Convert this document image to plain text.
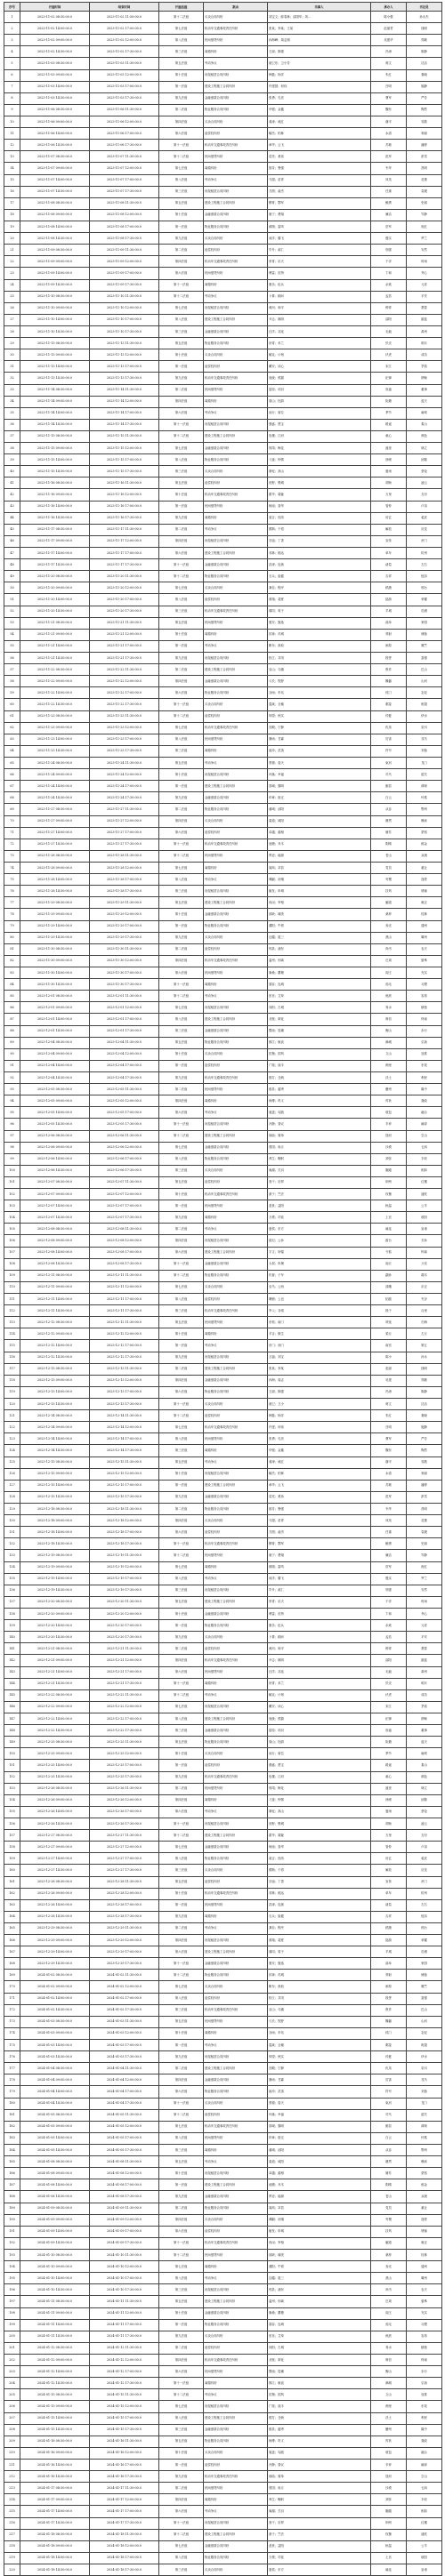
序号	开庭时间	结束时间	开庭法庭	案由	当事人	承办人	书记员
1	2023-11-02 08:30:00.0	2023-11-02 11:50:00.0	第十二法庭	买卖合同纠纷	刘宝文；薛春林；邵国华；刘...	陈小强	孙永杰
2	2023-11-02 14:00:00.0	2023-11-02 17:00:00.0	第七法庭	机动车交通事故责任纠纷	张某；李某；王某	赵丽君	钱明
3	2023-11-02 09:00:00.0	2023-11-02 12:00:00.0	第八法庭	民间借贷纠纷	孙海峰；周志刚	吴建华	郑敏
4	2023-11-02 14:30:00.0	2023-11-02 17:30:00.0	第三法庭	离婚纠纷	王丽；陈强	冯涛	陈静
5	2023-11-03 08:30:00.0	2023-11-03 11:30:00.0	第五法庭	劳动争议	褚卫东；卫小芳	蒋文	沈洁
6	2023-11-03 09:00:00.0	2023-11-03 12:00:00.0	第十法庭	房屋租赁合同纠纷	韩磊；杨洋	朱红	秦晓
7	2023-11-03 14:00:00.0	2023-11-03 17:00:00.0	第一法庭	建设工程施工合同纠纷	许建国；何伟	吕明	施静
8	2023-11-03 14:30:00.0	2023-11-03 17:30:00.0	第九法庭	金融借款合同纠纷	张勇；孔亮	曹军	严芳
9	2023-11-06 08:30:00.0	2023-11-06 11:30:00.0	第二法庭	物业服务合同纠纷	华强；金鑫	魏东	陶然
10	2023-11-06 09:00:00.0	2023-11-06 12:00:00.0	第四法庭	买卖合同纠纷	姜涛；戚红	谢平	邹燕
11	2023-11-06 14:00:00.0	2023-11-06 17:00:00.0	第六法庭	追偿权纠纷	喻杰；柏林	水清	窦丽
12	2023-11-06 14:30:00.0	2023-11-06 17:30:00.0	第十一法庭	机动车交通事故责任纠纷	章华；云飞	苏敏	潘婷
13	2023-11-07 08:30:00.0	2023-11-07 11:30:00.0	第十二法庭	民间借贷纠纷	葛亮；奚伟	范军	彭雪
14	2023-11-07 09:00:00.0	2023-11-07 12:00:00.0	第七法庭	离婚纠纷	郎芳；鲁强	韦华	昌明
15	2023-11-07 14:00:00.0	2023-11-07 17:00:00.0	第八法庭	劳动争议	马超；苗青	凤英	花蕾
16	2023-11-07 14:30:00.0	2023-11-07 17:30:00.0	第三法庭	房屋租赁合同纠纷	方圆；俞杰	任重	袁媛
17	2023-11-08 08:30:00.0	2023-11-08 11:30:00.0	第五法庭	建设工程施工合同纠纷	柳青；酆军	鲍勇	史丽
18	2023-11-08 09:00:00.0	2023-11-08 12:00:00.0	第十法庭	金融借款合同纠纷	唐宁；费翔	廉洁	岑静
19	2023-11-08 14:00:00.0	2023-11-08 17:00:00.0	第一法庭	物业服务合同纠纷	薛刚；雷鸣	贺军	倪红
20	2023-11-08 14:30:00.0	2023-11-08 17:30:00.0	第九法庭	买卖合同纠纷	汤洋；滕飞	殷实	罗兰
21	2023-11-09 08:30:00.0	2023-11-09 11:30:00.0	第二法庭	追偿权纠纷	毕升；郝仁	邬强	安然
22	2023-11-09 09:00:00.0	2023-11-09 12:00:00.0	第四法庭	机动车交通事故责任纠纷	常青；乐天	于洋	时雨
23	2023-11-09 14:00:00.0	2023-11-09 17:00:00.0	第六法庭	民间借贷纠纷	傅雷；皮特	卞和	齐心
24	2023-11-09 14:30:00.0	2023-11-09 17:30:00.0	第十一法庭	离婚纠纷	康乐；伍兵	余欢	元宵
25	2023-11-10 08:30:00.0	2023-11-10 11:30:00.0	第十二法庭	劳动争议	卜算；顾问	孟浩	平安
26	2023-11-10 09:00:00.0	2023-11-10 12:00:00.0	第七法庭	房屋租赁合同纠纷	黄河；和平	穆青	萧瑟
27	2023-11-10 14:00:00.0	2023-11-10 17:00:00.0	第八法庭	建设工程施工合同纠纷	尹志；姚明	邵阳	湛蓝
28	2023-11-10 14:30:00.0	2023-11-10 17:30:00.0	第三法庭	金融借款合同纠纷	汪洋；祁连	毛毅	禹州
29	2023-11-13 08:30:00.0	2023-11-13 11:30:00.0	第五法庭	物业服务合同纠纷	狄青；米兰	贝壳	明月
30	2023-11-13 09:00:00.0	2023-11-13 12:00:00.0	第十法庭	买卖合同纠纷	臧克；计划	伏虎	成功
31	2023-11-13 14:00:00.0	2023-11-13 17:00:00.0	第一法庭	追偿权纠纷	戴安；谈心	宋江	茅盾
32	2023-11-13 14:30:00.0	2023-11-13 17:30:00.0	第九法庭	机动车交通事故责任纠纷	庞统；熊猫	纪律	舒畅
33	2023-11-14 08:30:00.0	2023-11-14 11:30:00.0	第二法庭	民间借贷纠纷	屈原；项羽	祝福	董事
34	2023-11-14 09:00:00.0	2023-11-14 12:00:00.0	第四法庭	离婚纠纷	梁山；杜鹃	阮籍	蓝天
35	2023-11-14 14:00:00.0	2023-11-14 17:00:00.0	第六法庭	劳动争议	闵行；席位	季节	麻烦
36	2023-11-14 14:30:00.0	2023-11-14 17:30:00.0	第十一法庭	房屋租赁合同纠纷	强盛；贾宝	路遥	娄山
37	2023-11-15 08:30:00.0	2023-11-15 11:30:00.0	第十二法庭	建设工程施工合同纠纷	危楼；江河	童心	颜色
38	2023-11-15 09:00:00.0	2023-11-15 12:00:00.0	第七法庭	金融借款合同纠纷	郭靖；梅花	盛世	林立
39	2023-11-15 14:00:00.0	2023-11-15 17:00:00.0	第八法庭	物业服务合同纠纷	刁蛮；钟情	徐缓	邱壑
40	2023-11-15 14:30:00.0	2023-11-15 17:30:00.0	第三法庭	买卖合同纠纷	骆驼；高山	夏雨	蔡伦
41	2023-11-16 08:30:00.0	2023-11-16 11:30:00.0	第五法庭	追偿权纠纷	田野；樊城	胡杨	凌云
42	2023-11-16 09:00:00.0	2023-11-16 12:00:00.0	第十法庭	机动车交通事故责任纠纷	霍华；虞姬	万里	支付
43	2023-11-16 14:00:00.0	2023-11-16 17:00:00.0	第一法庭	民间借贷纠纷	柯南；昝华	管仲	卢沟
44	2023-11-16 14:30:00.0	2023-11-16 17:30:00.0	第九法庭	离婚纠纷	莫言；经纬	房玄	裘皮
45	2023-11-17 08:30:00.0	2023-11-17 11:30:00.0	第二法庭	劳动争议	缪斯；干将	解放	应变
46	2023-11-17 09:00:00.0	2023-11-17 12:00:00.0	第四法庭	房屋租赁合同纠纷	宗庙；丁香	宣传	贲门
47	2023-11-17 14:00:00.0	2023-11-17 17:00:00.0	第六法庭	建设工程施工合同纠纷	邓林；郁达	单车	杭州
48	2023-11-17 14:30:00.0	2023-11-17 17:30:00.0	第十一法庭	金融借款合同纠纷	洪涛；包拯	诸葛	左右
49	2023-11-20 08:30:00.0	2023-11-20 11:30:00.0	第十二法庭	物业服务合同纠纷	石头；崔健	吉祥	钮扣
50	2023-11-20 09:00:00.0	2023-11-20 12:00:00.0	第七法庭	买卖合同纠纷	龚自；程序	嵇康	邢台
51	2023-11-20 14:00:00.0	2023-11-20 17:00:00.0	第八法庭	追偿权纠纷	滑翔；裴度	陆游	荣耀
52	2023-11-20 14:30:00.0	2023-11-20 17:30:00.0	第三法庭	机动车交通事故责任纠纷	翁同；荀子	羊城	於潜
53	2023-11-21 08:30:00.0	2023-11-21 11:30:00.0	第五法庭	民间借贷纠纷	惠安；甄选	曲阜	家园
54	2023-11-21 09:00:00.0	2023-11-21 12:00:00.0	第十法庭	离婚纠纷	封神；芮城	羿射	储备
55	2023-11-21 14:00:00.0	2023-11-21 17:00:00.0	第一法庭	劳动争议	靳东；汲取	邴原	糜竺
56	2023-11-21 14:30:00.0	2023-11-21 17:30:00.0	第九法庭	房屋租赁合同纠纷	松江；井冈	段誉	富强
57	2023-11-22 08:30:00.0	2023-11-22 11:30:00.0	第二法庭	建设工程施工合同纠纷	巫山；乌镇	焦作	巴山
58	2023-11-22 09:00:00.0	2023-11-22 12:00:00.0	第四法庭	金融借款合同纠纷	弓长；牧野	隗嚣	山河
59	2023-11-22 14:00:00.0	2023-11-22 17:00:00.0	第六法庭	物业服务合同纠纷	谷雨；车站	侯门	宓妃
60	2023-11-22 14:30:00.0	2023-11-22 17:30:00.0	第十一法庭	买卖合同纠纷	蓬莱；全椒	郗鉴	班超
61	2023-11-23 08:30:00.0	2023-11-23 11:30:00.0	第十二法庭	追偿权纠纷	仰望；秋实	仲夏	伊水
62	2023-11-23 09:00:00.0	2023-11-23 12:00:00.0	第七法庭	机动车交通事故责任纠纷	宫殿；宁静	仇英	栾川
63	2023-11-23 14:00:00.0	2023-11-23 17:00:00.0	第八法庭	民间借贷纠纷	暴雨；甘霖	厉害	戎马
64	2023-11-23 14:30:00.0	2023-11-23 17:30:00.0	第三法庭	离婚纠纷	祖冲；武夷	符号	刘备
65	2023-11-24 08:30:00.0	2023-11-24 11:30:00.0	第五法庭	劳动争议	景德；詹天	束河	龙门
66	2023-11-24 09:00:00.0	2023-11-24 12:00:00.0	第十法庭	房屋租赁合同纠纷	叶落；幸福	司马	韶关
67	2023-11-24 14:00:00.0	2023-11-24 17:00:00.0	第一法庭	建设工程施工合同纠纷	郜城；黎明	蓟县	薄荷
68	2023-11-24 14:30:00.0	2023-11-24 17:30:00.0	第九法庭	金融借款合同纠纷	印章；宿迁	白云	怀柔
69	2023-11-27 08:30:00.0	2023-11-27 11:30:00.0	第二法庭	物业服务合同纠纷	蒲城；邰阳	从容	鄂州
70	2023-11-27 09:00:00.0	2023-11-27 12:00:00.0	第四法庭	买卖合同纠纷	索道；咸阳	籍贯	赖床
71	2023-11-27 14:00:00.0	2023-11-27 17:00:00.0	第六法庭	追偿权纠纷	卓越；蔺相	屠苏	蒙恬
72	2023-11-27 14:30:00.0	2023-11-27 17:30:00.0	第十一法庭	机动车交通事故责任纠纷	池塘；乔木	阴晴	郁金
73	2023-11-28 08:30:00.0	2023-11-28 11:30:00.0	第十二法庭	民间借贷纠纷	胥吏；能源	苍山	双流
74	2023-11-28 09:00:00.0	2023-11-28 12:00:00.0	第七法庭	离婚纠纷	闻鸡；莘县	党员	翟让
75	2023-11-28 14:00:00.0	2023-11-28 17:00:00.0	第八法庭	劳动争议	谭嗣；贡嘎	劳模	逄蒙
76	2023-11-28 14:30:00.0	2023-11-28 17:30:00.0	第三法庭	房屋租赁合同纠纷	姬发；申城	扶风	堵塞
77	2023-11-29 08:30:00.0	2023-11-29 11:30:00.0	第五法庭	建设工程施工合同纠纷	冉闵；宰相	郦道	雍正
78	2023-11-29 09:00:00.0	2023-11-29 12:00:00.0	第十法庭	金融借款合同纠纷	郤缺；璩美	桑梓	桂林
79	2023-11-29 14:00:00.0	2023-11-29 17:00:00.0	第一法庭	物业服务合同纠纷	濮阳；牛顿	寿光	通州
80	2023-11-29 14:30:00.0	2023-11-29 17:30:00.0	第九法庭	买卖合同纠纷	边疆；扈三	燕山	冀州
81	2023-11-30 08:30:00.0	2023-11-30 11:30:00.0	第二法庭	追偿权纠纷	郏县；浦东	尚书	农夫
82	2023-11-30 09:00:00.0	2023-11-30 12:00:00.0	第四法庭	机动车交通事故责任纠纷	温州；别离	庄周	晏殊
83	2023-11-30 14:00:00.0	2023-11-30 17:00:00.0	第六法庭	民间借贷纠纷	柴桑；瞿塘	阎王	充实
84	2023-11-30 14:30:00.0	2023-11-30 17:30:00.0	第十一法庭	离婚纠纷	慕容；连城	茹毛	习惯
85	2023-12-01 08:30:00.0	2023-12-01 11:30:00.0	第十二法庭	劳动争议	宦官；艾草	鱼跃	容易
86	2023-12-01 09:00:00.0	2023-12-01 12:00:00.0	第七法庭	房屋租赁合同纠纷	向阳；古城	易水	慎独
87	2023-12-01 14:00:00.0	2023-12-01 17:00:00.0	第八法庭	建设工程施工合同纠纷	戈壁；廖化	庾信	终南
88	2023-12-01 14:30:00.0	2023-12-01 17:30:00.0	第三法庭	金融借款合同纠纷	暨南；居庸	衡山	步行
89	2023-12-04 08:30:00.0	2023-12-04 11:30:00.0	第五法庭	物业服务合同纠纷	都江；耿直	满城	弘扬
90	2023-12-04 09:00:00.0	2023-12-04 12:00:00.0	第十法庭	买卖合同纠纷	匡衡；国风	文山	寇准
91	2023-12-04 14:00:00.0	2023-12-04 17:00:00.0	第一法庭	追偿权纠纷	广陵；禄丰	阙里	东莞
92	2023-12-04 14:30:00.0	2023-12-04 17:30:00.0	第九法庭	机动车交通事故责任纠纷	殴打；殳戟	沃土	利民
93	2023-12-05 08:30:00.0	2023-12-05 11:30:00.0	第二法庭	民间借贷纠纷	蔚县；越秀	夔州	隆中
94	2023-12-05 09:00:00.0	2023-12-05 12:00:00.0	第四法庭	离婚纠纷	师傅；巩义	厍狄	聂政
95	2023-12-05 14:00:00.0	2023-12-05 17:00:00.0	第六法庭	劳动争议	晁盖；勾践	敖包	融合
96	2023-12-05 14:30:00.0	2023-12-05 17:30:00.0	第十一法庭	房屋租赁合同纠纷	冷静；訾议	辛弃	阚泽
97	2023-12-06 08:30:00.0	2023-12-06 11:30:00.0	第十二法庭	建设工程施工合同纠纷	那曲；简单	饶河	空山
98	2023-12-06 09:00:00.0	2023-12-06 12:00:00.0	第七法庭	金融借款合同纠纷	曾国；毋丘	沙漠	乜斜
99	2023-12-06 14:00:00.0	2023-12-06 17:00:00.0	第八法庭	物业服务合同纠纷	养生；鞠躬	须弥	丰收
100	2023-12-06 14:30:00.0	2023-12-06 17:30:00.0	第三法庭	买卖合同纠纷	巢湖；关羽	蒯通	相如
101	2023-12-07 08:30:00.0	2023-12-07 11:30:00.0	第五法庭	追偿权纠纷	查干；后羿	荆州	红楼
102	2023-12-07 09:00:00.0	2023-12-07 12:00:00.0	第十法庭	机动车交通事故责任纠纷	游子；竺法	权衡	逯钦
103	2023-12-07 14:00:00.0	2023-12-07 17:00:00.0	第一法庭	民间借贷纠纷	盖世；益阳	桓温	公羊
104	2023-12-07 14:30:00.0	2023-12-07 17:30:00.0	第九法庭	离婚纠纷	万俟；司徒	上官	欧阳
105	2023-12-08 08:30:00.0	2023-12-08 11:30:00.0	第二法庭	劳动争议	夏侯；东方	赫连	皇甫
106	2023-12-08 09:00:00.0	2023-12-08 12:00:00.0	第四法庭	房屋租赁合同纠纷	尉迟；公孙	澹台	长孙
107	2023-12-08 14:00:00.0	2023-12-08 17:00:00.0	第六法庭	建设工程施工合同纠纷	宇文；轩辕	令狐	钟离
108	2023-12-08 14:30:00.0	2023-12-08 17:30:00.0	第十一法庭	金融借款合同纠纷	太叔；申屠	闾丘	亓官
109	2023-12-11 08:30:00.0	2023-12-11 11:30:00.0	第十二法庭	物业服务合同纠纷	仉督；子车	颛孙	端木
110	2023-12-11 09:00:00.0	2023-12-11 12:00:00.0	第七法庭	买卖合同纠纷	巫马；公西	漆雕	乐正
111	2023-12-11 14:00:00.0	2023-12-11 17:00:00.0	第八法庭	追偿权纠纷	壤驷；公良	拓跋	夹谷
112	2023-12-11 14:30:00.0	2023-12-11 17:30:00.0	第三法庭	机动车交通事故责任纠纷	宰父；谷梁	段干	百里
113	2023-12-12 08:30:00.0	2023-12-12 11:30:00.0	第五法庭	民间借贷纠纷	东郭；南门	呼延	归海
114	2023-12-12 09:00:00.0	2023-12-12 12:00:00.0	第十法庭	离婚纠纷	羊舌；微生	梁丘	左丘
115	2023-12-12 14:00:00.0	2023-12-12 17:00:00.0	第一法庭	劳动争议	东门；西门	南宫	第五
116	2023-12-12 14:30:00.0	2023-12-12 17:30:00.0	第九法庭	房屋租赁合同纠纷	言福；刘宝	陈小	孙永
117	2023-12-13 08:30:00.0	2023-12-13 11:30:00.0	第二法庭	建设工程施工合同纠纷	张某；李某	赵丽	钱明
118	2023-12-13 09:00:00.0	2023-12-13 12:00:00.0	第四法庭	金融借款合同纠纷	孙海；周志	吴建	郑敏
119	2023-12-13 14:00:00.0	2023-12-13 17:00:00.0	第六法庭	物业服务合同纠纷	王丽；陈强	冯涛	陈静
120	2023-12-13 14:30:00.0	2023-12-13 17:30:00.0	第十一法庭	买卖合同纠纷	褚卫；卫小	蒋文	沈洁
121	2023-12-14 08:30:00.0	2023-12-14 11:30:00.0	第十二法庭	追偿权纠纷	韩磊；杨洋	朱红	秦晓
122	2023-12-14 09:00:00.0	2023-12-14 12:00:00.0	第七法庭	机动车交通事故责任纠纷	许建；何伟	吕明	施静
123	2023-12-14 14:00:00.0	2023-12-14 17:00:00.0	第八法庭	民间借贷纠纷	张勇；孔亮	曹军	严芳
124	2023-12-14 14:30:00.0	2023-12-14 17:30:00.0	第三法庭	离婚纠纷	华强；金鑫	魏东	陶然
125	2023-12-15 08:30:00.0	2023-12-15 11:30:00.0	第五法庭	劳动争议	姜涛；戚红	谢平	邹燕
126	2023-12-15 09:00:00.0	2023-12-15 12:00:00.0	第十法庭	房屋租赁合同纠纷	喻杰；柏林	水清	窦丽
127	2023-12-15 14:00:00.0	2023-12-15 17:00:00.0	第一法庭	建设工程施工合同纠纷	章华；云飞	苏敏	潘婷
128	2023-12-15 14:30:00.0	2023-12-15 17:30:00.0	第九法庭	金融借款合同纠纷	葛亮；奚伟	范军	彭雪
129	2023-12-18 08:30:00.0	2023-12-18 11:30:00.0	第二法庭	物业服务合同纠纷	郎芳；鲁强	韦华	昌明
130	2023-12-18 09:00:00.0	2023-12-18 12:00:00.0	第四法庭	买卖合同纠纷	马超；苗青	凤英	花蕾
131	2023-12-18 14:00:00.0	2023-12-18 17:00:00.0	第六法庭	追偿权纠纷	方圆；俞杰	任重	袁媛
132	2023-12-18 14:30:00.0	2023-12-18 17:30:00.0	第十一法庭	机动车交通事故责任纠纷	柳青；酆军	鲍勇	史丽
133	2023-12-19 08:30:00.0	2023-12-19 11:30:00.0	第十二法庭	民间借贷纠纷	唐宁；费翔	廉洁	岑静
134	2023-12-19 09:00:00.0	2023-12-19 12:00:00.0	第七法庭	离婚纠纷	薛刚；雷鸣	贺军	倪红
135	2023-12-19 14:00:00.0	2023-12-19 17:00:00.0	第八法庭	劳动争议	汤洋；滕飞	殷实	罗兰
136	2023-12-19 14:30:00.0	2023-12-19 17:30:00.0	第三法庭	房屋租赁合同纠纷	毕升；郝仁	邬强	安然
137	2023-12-20 08:30:00.0	2023-12-20 11:30:00.0	第五法庭	建设工程施工合同纠纷	常青；乐天	于洋	时雨
138	2023-12-20 09:00:00.0	2023-12-20 12:00:00.0	第十法庭	金融借款合同纠纷	傅雷；皮特	卞和	齐心
139	2023-12-20 14:00:00.0	2023-12-20 17:00:00.0	第一法庭	物业服务合同纠纷	康乐；伍兵	余欢	元宵
140	2023-12-20 14:30:00.0	2023-12-20 17:30:00.0	第九法庭	买卖合同纠纷	卜算；顾问	孟浩	平安
141	2023-12-21 08:30:00.0	2023-12-21 11:30:00.0	第二法庭	追偿权纠纷	黄河；和平	穆青	萧瑟
142	2023-12-21 09:00:00.0	2023-12-21 12:00:00.0	第四法庭	机动车交通事故责任纠纷	尹志；姚明	邵阳	湛蓝
143	2023-12-21 14:00:00.0	2023-12-21 17:00:00.0	第六法庭	民间借贷纠纷	汪洋；祁连	毛毅	禹州
144	2023-12-21 14:30:00.0	2023-12-21 17:30:00.0	第十一法庭	离婚纠纷	狄青；米兰	贝壳	明月
145	2023-12-22 08:30:00.0	2023-12-22 11:30:00.0	第十二法庭	劳动争议	臧克；计划	伏虎	成功
146	2023-12-22 09:00:00.0	2023-12-22 12:00:00.0	第七法庭	房屋租赁合同纠纷	戴安；谈心	宋江	茅盾
147	2023-12-22 14:00:00.0	2023-12-22 17:00:00.0	第八法庭	建设工程施工合同纠纷	庞统；熊猫	纪律	舒畅
148	2023-12-22 14:30:00.0	2023-12-22 17:30:00.0	第三法庭	金融借款合同纠纷	屈原；项羽	祝福	董事
149	2023-12-25 08:30:00.0	2023-12-25 11:30:00.0	第五法庭	物业服务合同纠纷	梁山；杜鹃	阮籍	蓝天
150	2023-12-25 09:00:00.0	2023-12-25 12:00:00.0	第十法庭	买卖合同纠纷	闵行；席位	季节	麻烦
151	2023-12-25 14:00:00.0	2023-12-25 17:00:00.0	第一法庭	追偿权纠纷	强盛；贾宝	路遥	娄山
152	2023-12-25 14:30:00.0	2023-12-25 17:30:00.0	第九法庭	机动车交通事故责任纠纷	危楼；江河	童心	颜色
153	2023-12-26 08:30:00.0	2023-12-26 11:30:00.0	第二法庭	民间借贷纠纷	郭靖；梅花	盛世	林立
154	2023-12-26 09:00:00.0	2023-12-26 12:00:00.0	第四法庭	离婚纠纷	刁蛮；钟情	徐缓	邱壑
155	2023-12-26 14:00:00.0	2023-12-26 17:00:00.0	第六法庭	劳动争议	骆驼；高山	夏雨	蔡伦
156	2023-12-26 14:30:00.0	2023-12-26 17:30:00.0	第十一法庭	房屋租赁合同纠纷	田野；樊城	胡杨	凌云
157	2023-12-27 08:30:00.0	2023-12-27 11:30:00.0	第十二法庭	建设工程施工合同纠纷	霍华；虞姬	万里	支付
158	2023-12-27 09:00:00.0	2023-12-27 12:00:00.0	第七法庭	金融借款合同纠纷	柯南；昝华	管仲	卢沟
159	2023-12-27 14:00:00.0	2023-12-27 17:00:00.0	第八法庭	物业服务合同纠纷	莫言；经纬	房玄	裘皮
160	2023-12-27 14:30:00.0	2023-12-27 17:30:00.0	第三法庭	买卖合同纠纷	缪斯；干将	解放	应变
161	2023-12-28 08:30:00.0	2023-12-28 11:30:00.0	第五法庭	追偿权纠纷	宗庙；丁香	宣传	贲门
162	2023-12-28 09:00:00.0	2023-12-28 12:00:00.0	第十法庭	机动车交通事故责任纠纷	邓林；郁达	单车	杭州
163	2023-12-28 14:00:00.0	2023-12-28 17:00:00.0	第一法庭	民间借贷纠纷	洪涛；包拯	诸葛	左右
164	2023-12-28 14:30:00.0	2023-12-28 17:30:00.0	第九法庭	离婚纠纷	石头；崔健	吉祥	钮扣
165	2023-12-29 08:30:00.0	2023-12-29 11:30:00.0	第二法庭	劳动争议	龚自；程序	嵇康	邢台
166	2023-12-29 09:00:00.0	2023-12-29 12:00:00.0	第四法庭	房屋租赁合同纠纷	滑翔；裴度	陆游	荣耀
167	2023-12-29 14:00:00.0	2023-12-29 17:00:00.0	第六法庭	建设工程施工合同纠纷	翁同；荀子	羊城	於潜
168	2023-12-29 14:30:00.0	2023-12-29 17:30:00.0	第十一法庭	金融借款合同纠纷	惠安；甄选	曲阜	家园
169	2024-01-02 08:30:00.0	2024-01-02 11:30:00.0	第十二法庭	物业服务合同纠纷	封神；芮城	羿射	储备
170	2024-01-02 09:00:00.0	2024-01-02 12:00:00.0	第七法庭	买卖合同纠纷	靳东；汲取	邴原	糜竺
171	2024-01-02 14:00:00.0	2024-01-02 17:00:00.0	第八法庭	追偿权纠纷	松江；井冈	段誉	富强
172	2024-01-02 14:30:00.0	2024-01-02 17:30:00.0	第三法庭	机动车交通事故责任纠纷	巫山；乌镇	焦作	巴山
173	2024-01-03 08:30:00.0	2024-01-03 11:30:00.0	第五法庭	民间借贷纠纷	弓长；牧野	隗嚣	山河
174	2024-01-03 09:00:00.0	2024-01-03 12:00:00.0	第十法庭	离婚纠纷	谷雨；车站	侯门	宓妃
175	2024-01-03 14:00:00.0	2024-01-03 17:00:00.0	第一法庭	劳动争议	蓬莱；全椒	郗鉴	班超
176	2024-01-03 14:30:00.0	2024-01-03 17:30:00.0	第九法庭	房屋租赁合同纠纷	仰望；秋实	仲夏	伊水
177	2024-01-04 08:30:00.0	2024-01-04 11:30:00.0	第二法庭	建设工程施工合同纠纷	宫殿；宁静	仇英	栾川
178	2024-01-04 09:00:00.0	2024-01-04 12:00:00.0	第四法庭	金融借款合同纠纷	暴雨；甘霖	厉害	戎马
179	2024-01-04 14:00:00.0	2024-01-04 17:00:00.0	第六法庭	物业服务合同纠纷	祖冲；武夷	符号	刘备
180	2024-01-04 14:30:00.0	2024-01-04 17:30:00.0	第十一法庭	买卖合同纠纷	景德；詹天	束河	龙门
181	2024-01-05 08:30:00.0	2024-01-05 11:30:00.0	第十二法庭	追偿权纠纷	叶落；幸福	司马	韶关
182	2024-01-05 09:00:00.0	2024-01-05 12:00:00.0	第七法庭	机动车交通事故责任纠纷	郜城；黎明	蓟县	薄荷
183	2024-01-05 14:00:00.0	2024-01-05 17:00:00.0	第八法庭	民间借贷纠纷	印章；宿迁	白云	怀柔
184	2024-01-05 14:30:00.0	2024-01-05 17:30:00.0	第三法庭	离婚纠纷	蒲城；邰阳	从容	鄂州
185	2024-01-08 08:30:00.0	2024-01-08 11:30:00.0	第五法庭	劳动争议	索道；咸阳	籍贯	赖床
186	2024-01-08 09:00:00.0	2024-01-08 12:00:00.0	第十法庭	房屋租赁合同纠纷	卓越；蔺相	屠苏	蒙恬
187	2024-01-08 14:00:00.0	2024-01-08 17:00:00.0	第一法庭	建设工程施工合同纠纷	池塘；乔木	阴晴	郁金
188	2024-01-08 14:30:00.0	2024-01-08 17:30:00.0	第九法庭	金融借款合同纠纷	胥吏；能源	苍山	双流
189	2024-01-09 08:30:00.0	2024-01-09 11:30:00.0	第二法庭	物业服务合同纠纷	闻鸡；莘县	党员	翟让
190	2024-01-09 09:00:00.0	2024-01-09 12:00:00.0	第四法庭	买卖合同纠纷	谭嗣；贡嘎	劳模	逄蒙
191	2024-01-09 14:00:00.0	2024-01-09 17:00:00.0	第六法庭	追偿权纠纷	姬发；申城	扶风	堵塞
192	2024-01-09 14:30:00.0	2024-01-09 17:30:00.0	第十一法庭	机动车交通事故责任纠纷	冉闵；宰相	郦道	雍正
193	2024-01-10 08:30:00.0	2024-01-10 11:30:00.0	第十二法庭	民间借贷纠纷	郤缺；璩美	桑梓	桂林
194	2024-01-10 09:00:00.0	2024-01-10 12:00:00.0	第七法庭	离婚纠纷	濮阳；牛顿	寿光	通州
195	2024-01-10 14:00:00.0	2024-01-10 17:00:00.0	第八法庭	劳动争议	边疆；扈三	燕山	冀州
196	2024-01-10 14:30:00.0	2024-01-10 17:30:00.0	第三法庭	房屋租赁合同纠纷	郏县；浦东	尚书	农夫
197	2024-01-11 08:30:00.0	2024-01-11 11:30:00.0	第五法庭	建设工程施工合同纠纷	温州；别离	庄周	晏殊
198	2024-01-11 09:00:00.0	2024-01-11 12:00:00.0	第十法庭	金融借款合同纠纷	柴桑；瞿塘	阎王	充实
199	2024-01-11 14:00:00.0	2024-01-11 17:00:00.0	第一法庭	物业服务合同纠纷	慕容；连城	茹毛	习惯
200	2024-01-11 14:30:00.0	2024-01-11 17:30:00.0	第九法庭	买卖合同纠纷	宦官；艾草	鱼跃	容易
201	2024-01-12 08:30:00.0	2024-01-12 11:30:00.0	第二法庭	追偿权纠纷	向阳；古城	易水	慎独
202	2024-01-12 09:00:00.0	2024-01-12 12:00:00.0	第四法庭	机动车交通事故责任纠纷	戈壁；廖化	庾信	终南
203	2024-01-12 14:00:00.0	2024-01-12 17:00:00.0	第六法庭	民间借贷纠纷	暨南；居庸	衡山	步行
204	2024-01-12 14:30:00.0	2024-01-12 17:30:00.0	第十一法庭	离婚纠纷	都江；耿直	满城	弘扬
205	2024-01-15 08:30:00.0	2024-01-15 11:30:00.0	第十二法庭	劳动争议	匡衡；国风	文山	寇准
206	2024-01-15 09:00:00.0	2024-01-15 12:00:00.0	第七法庭	房屋租赁合同纠纷	广陵；禄丰	阙里	东莞
207	2024-01-15 14:00:00.0	2024-01-15 17:00:00.0	第八法庭	建设工程施工合同纠纷	殴打；殳戟	沃土	利民
208	2024-01-15 14:30:00.0	2024-01-15 17:30:00.0	第三法庭	金融借款合同纠纷	蔚县；越秀	夔州	隆中
209	2024-01-16 08:30:00.0	2024-01-16 11:30:00.0	第五法庭	物业服务合同纠纷	师傅；巩义	厍狄	聂政
210	2024-01-16 09:00:00.0	2024-01-16 12:00:00.0	第十法庭	买卖合同纠纷	晁盖；勾践	敖包	融合
211	2024-01-16 14:00:00.0	2024-01-16 17:00:00.0	第一法庭	追偿权纠纷	冷静；訾议	辛弃	阚泽
212	2024-01-16 14:30:00.0	2024-01-16 17:30:00.0	第九法庭	机动车交通事故责任纠纷	那曲；简单	饶河	空山
213	2024-01-17 08:30:00.0	2024-01-17 11:30:00.0	第二法庭	民间借贷纠纷	曾国；毋丘	沙漠	乜斜
214	2024-01-17 09:00:00.0	2024-01-17 12:00:00.0	第四法庭	离婚纠纷	养生；鞠躬	须弥	丰收
215	2024-01-17 14:00:00.0	2024-01-17 17:00:00.0	第六法庭	劳动争议	巢湖；关羽	蒯通	相如
216	2024-01-17 14:30:00.0	2024-01-17 17:30:00.0	第十一法庭	房屋租赁合同纠纷	查干；后羿	荆州	红楼
217	2024-01-18 08:30:00.0	2024-01-18 11:30:00.0	第十二法庭	建设工程施工合同纠纷	游子；竺法	权衡	逯钦
218	2024-01-18 09:00:00.0	2024-01-18 12:00:00.0	第七法庭	金融借款合同纠纷	盖世；益阳	桓温	公羊
219	2024-01-18 14:00:00.0	2024-01-18 17:00:00.0	第八法庭	物业服务合同纠纷	万俟；司徒	上官	欧阳
220	2024-01-18 14:30:00.0	2024-01-18 17:30:00.0	第三法庭	买卖合同纠纷	夏侯；东方	赫连	皇甫
